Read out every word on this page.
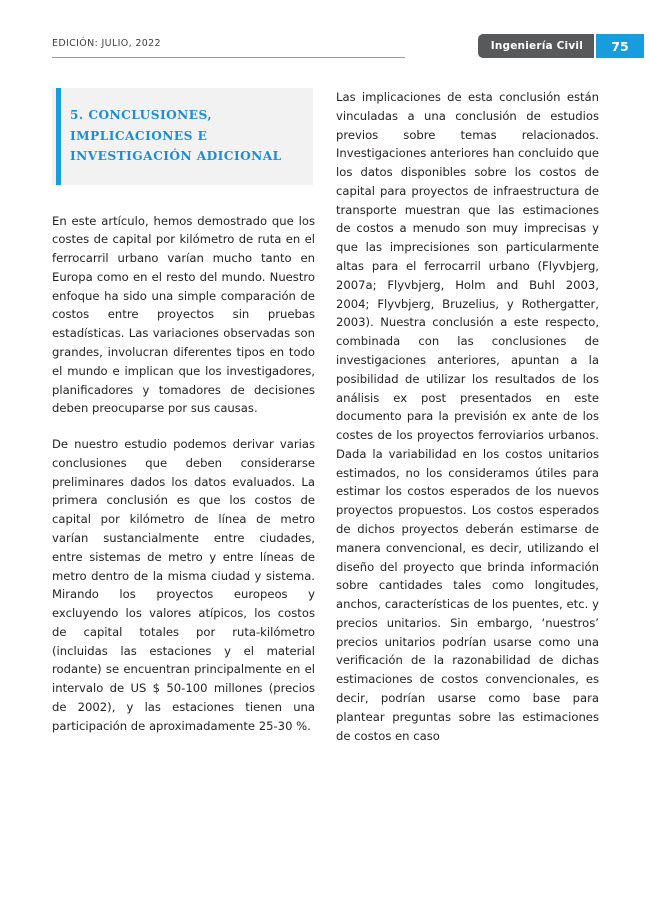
EDICIÓN: JULIO, 2022	Ingeniería Civil	75
5. CONCLUSIONES, IMPLICACIONES E INVESTIGACIÓN ADICIONAL

En este artículo, hemos demostrado que los costes de capital por kilómetro de ruta en el ferrocarril urbano varían mucho tanto en Europa como en el resto del mundo. Nuestro enfoque ha sido una simple comparación de costos entre proyectos sin pruebas estadísticas. Las variaciones observadas son grandes, involucran diferentes tipos en todo el mundo e implican que los investigadores, planificadores y tomadores de decisiones deben preocuparse por sus causas.

De nuestro estudio podemos derivar varias conclusiones que deben considerarse preliminares dados los datos evaluados. La primera conclusión es que los costos de capital por kilómetro de línea de metro varían sustancialmente entre ciudades, entre sistemas de metro y entre líneas de metro dentro de la misma ciudad y sistema. Mirando los proyectos europeos y excluyendo los valores atípicos, los costos de capital totales por ruta-kilómetro (incluidas las estaciones y el material rodante) se encuentran principalmente en el intervalo de US $ 50-100 millones (precios de 2002), y las estaciones tienen una participación de aproximadamente 25-30 %.

Las implicaciones de esta conclusión están vinculadas a una conclusión de estudios previos sobre temas relacionados. Investigaciones anteriores han concluido que los datos disponibles sobre los costos de capital para proyectos de infraestructura de transporte muestran que las estimaciones de costos a menudo son muy imprecisas y que las imprecisiones son particularmente altas para el ferrocarril urbano (Flyvbjerg, 2007a; Flyvbjerg, Holm and Buhl 2003, 2004; Flyvbjerg, Bruzelius, y Rothergatter, 2003). Nuestra conclusión a este respecto, combinada con las conclusiones de investigaciones anteriores, apuntan a la posibilidad de utilizar los resultados de los análisis ex post presentados en este documento para la previsión ex ante de los costes de los proyectos ferroviarios urbanos. Dada la variabilidad en los costos unitarios estimados, no los consideramos útiles para estimar los costos esperados de los nuevos proyectos propuestos. Los costos esperados de dichos proyectos deberán estimarse de manera convencional, es decir, utilizando el diseño del proyecto que brinda información sobre cantidades tales como longitudes, anchos, características de los puentes, etc. y precios unitarios. Sin embargo, ‘nuestros’ precios unitarios podrían usarse como una verificación de la razonabilidad de dichas estimaciones de costos convencionales, es decir, podrían usarse como base para plantear preguntas sobre las estimaciones de costos en caso
